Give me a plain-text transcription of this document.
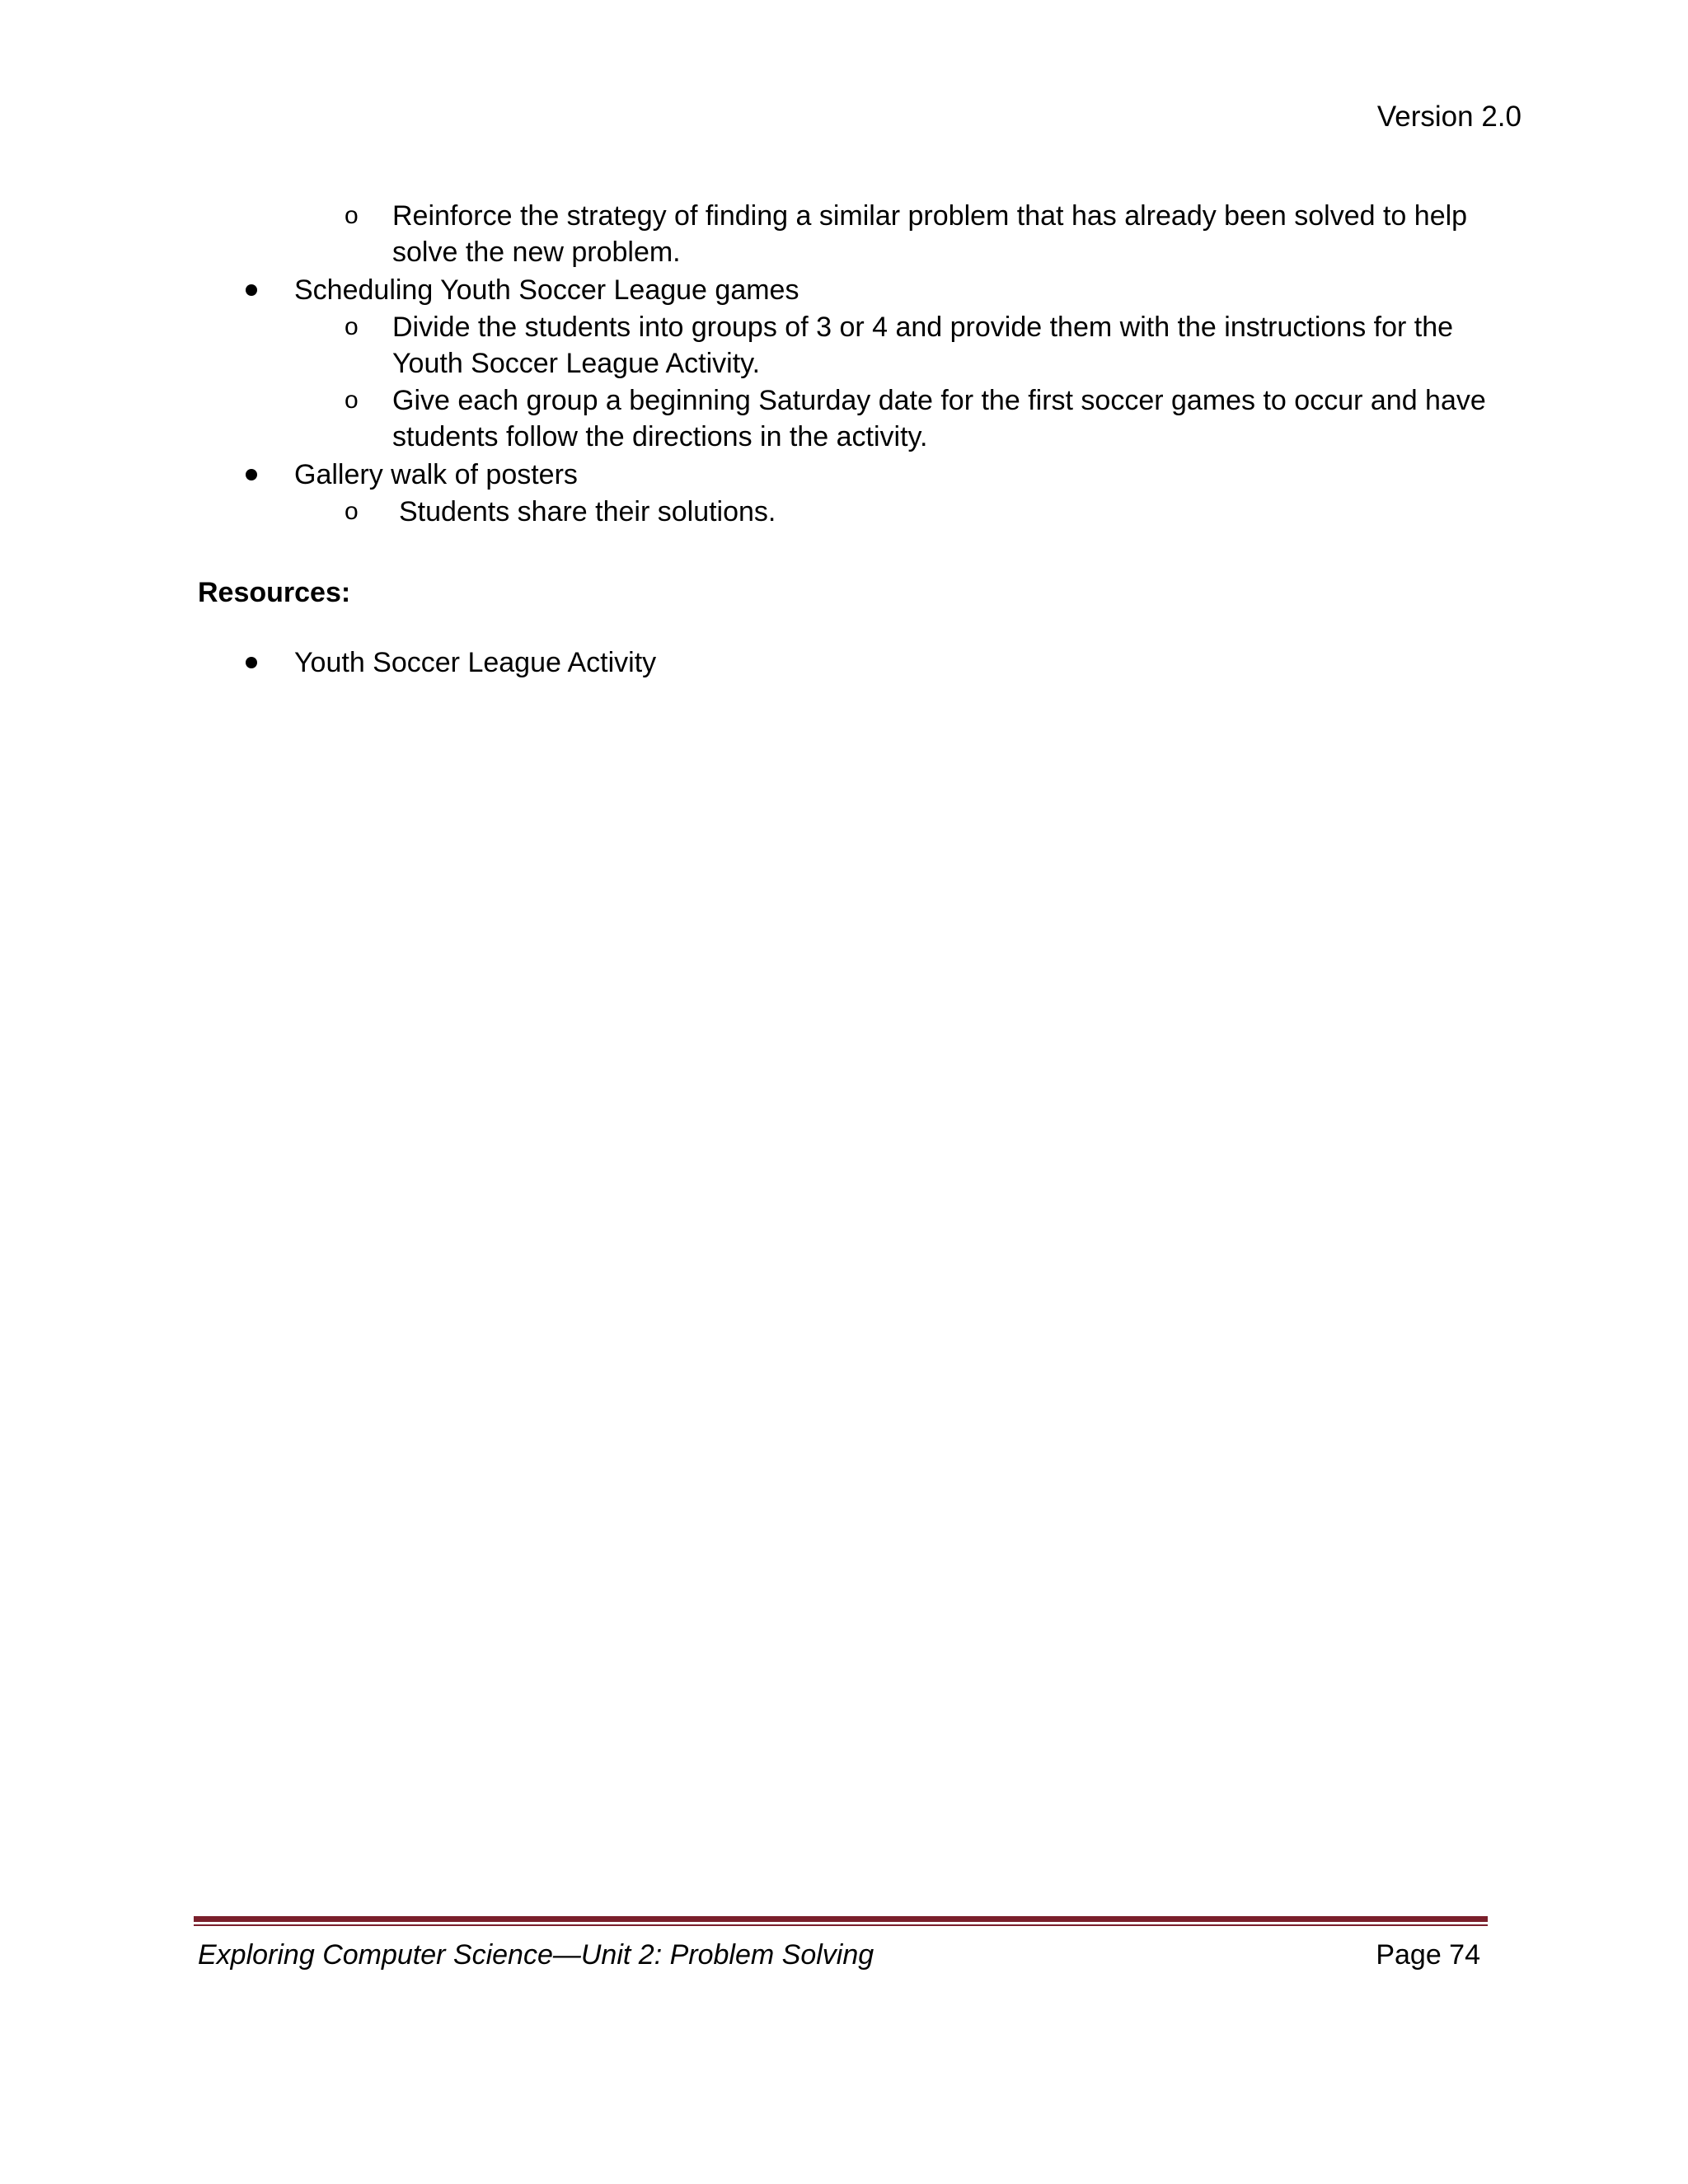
Version 2.0
o Reinforce the strategy of finding a similar problem that has already been solved to help
solve the new problem.
Scheduling Youth Soccer League games
o Divide the students into groups of 3 or 4 and provide them with the instructions for the
Youth Soccer League Activity.
o Give each group a beginning Saturday date for the first soccer games to occur and have
students follow the directions in the activity.
Gallery walk of posters
o Students share their solutions.
Resources:
Youth Soccer League Activity
Exploring Computer Science—Unit 2: Problem Solving	Page 74
